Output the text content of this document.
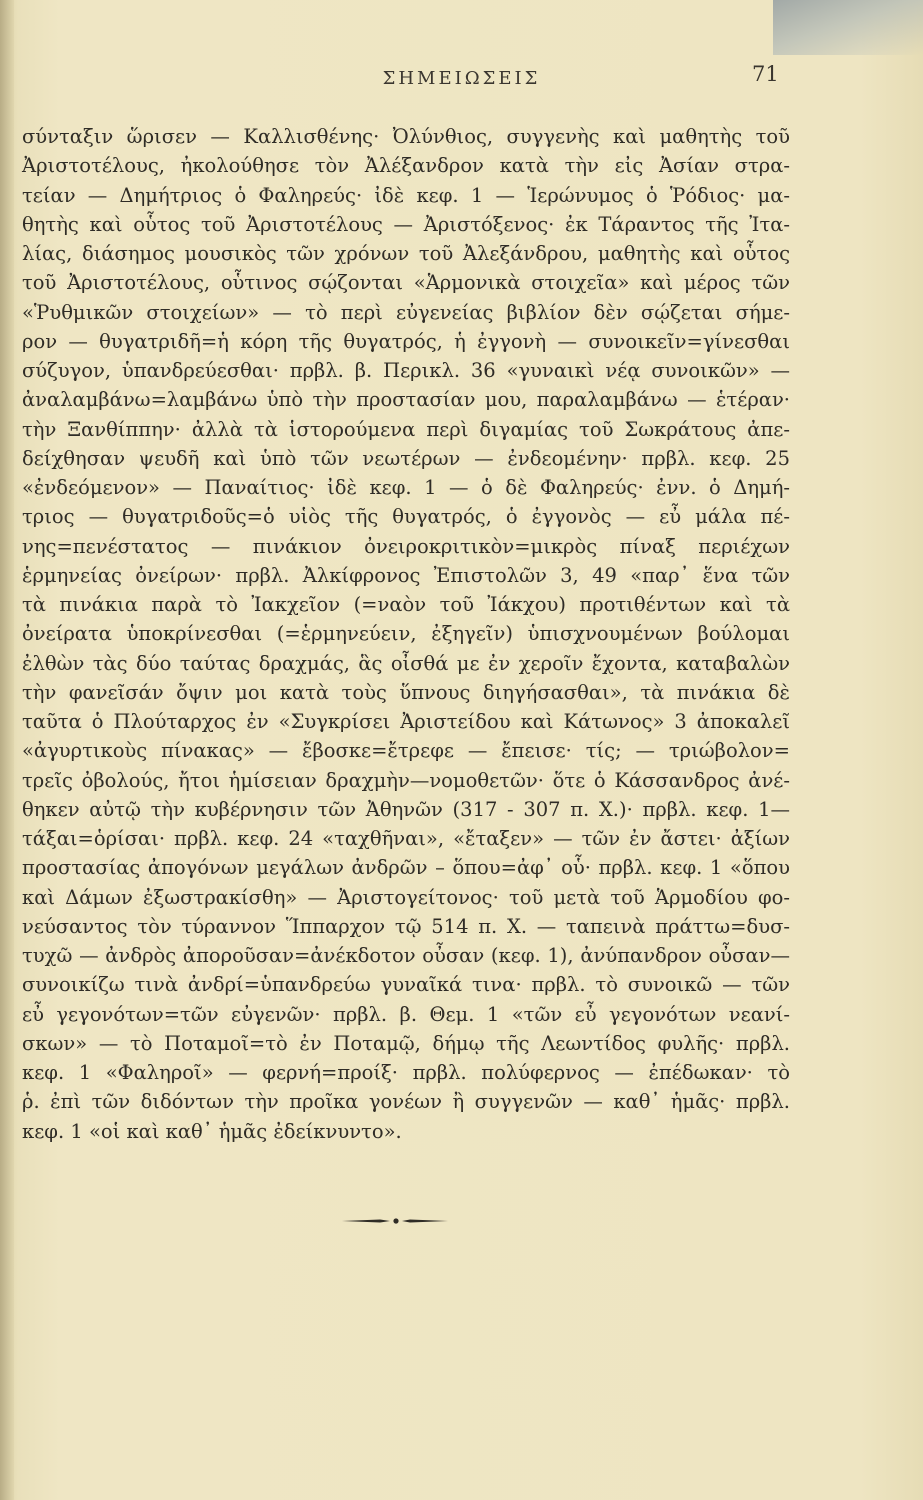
ΣΗΜΕΙΩΣΕΙΣ	71
σύνταξιν ὥρισεν — Καλλισθένης· Ὀλύνθιος, συγγενὴς καὶ μαθητὴς τοῦ
Ἀριστοτέλους, ἠκολούθησε τὸν Ἀλέξανδρον κατὰ τὴν εἰς Ἀσίαν στρα-
τείαν — Δημήτριος ὁ Φαληρεύς· ἰδὲ κεφ. 1 — Ἱερώνυμος ὁ Ῥόδιος· μα-
θητὴς καὶ οὗτος τοῦ Ἀριστοτέλους — Ἀριστόξενος· ἐκ Τάραντος τῆς Ἰτα-
λίας, διάσημος μουσικὸς τῶν χρόνων τοῦ Ἀλεξάνδρου, μαθητὴς καὶ οὗτος
τοῦ Ἀριστοτέλους, οὗτινος σῴζονται «Ἁρμονικὰ στοιχεῖα» καὶ μέρος τῶν
«Ῥυθμικῶν στοιχείων» — τὸ περὶ εὐγενείας βιβλίον δὲν σῴζεται σήμε-
ρον — θυγατριδῆ=ἡ κόρη τῆς θυγατρός, ἡ ἐγγονὴ — συνοικεῖν=γίνεσθαι
σύζυγον, ὑπανδρεύεσθαι· πρβλ. β. Περικλ. 36 «γυναικὶ νέᾳ συνοικῶν» —
ἀναλαμβάνω=λαμβάνω ὑπὸ τὴν προστασίαν μου, παραλαμβάνω — ἑτέραν·
τὴν Ξανθίππην· ἀλλὰ τὰ ἱστορούμενα περὶ διγαμίας τοῦ Σωκράτους ἀπε-
δείχθησαν ψευδῆ καὶ ὑπὸ τῶν νεωτέρων — ἐνδεομένην· πρβλ. κεφ. 25
«ἐνδεόμενον» — Παναίτιος· ἰδὲ κεφ. 1 — ὁ δὲ Φαληρεύς· ἐνν. ὁ Δημή-
τριος — θυγατριδοῦς=ὁ υἱὸς τῆς θυγατρός, ὁ ἐγγονὸς — εὖ μάλα πέ-
νης=πενέστατος — πινάκιον ὀνειροκριτικὸν=μικρὸς πίναξ περιέχων
ἑρμηνείας ὀνείρων· πρβλ. Ἀλκίφρονος Ἐπιστολῶν 3, 49 «παρ᾽ ἕνα τῶν
τὰ πινάκια παρὰ τὸ Ἰακχεῖον (=ναὸν τοῦ Ἰάκχου) προτιθέντων καὶ τὰ
ὀνείρατα ὑποκρίνεσθαι (=ἑρμηνεύειν, ἐξηγεῖν) ὑπισχνουμένων βούλομαι
ἐλθὼν τὰς δύο ταύτας δραχμάς, ἃς οἶσθά με ἐν χεροῖν ἔχοντα, καταβαλὼν
τὴν φανεῖσάν ὄψιν μοι κατὰ τοὺς ὕπνους διηγήσασθαι», τὰ πινάκια δὲ
ταῦτα ὁ Πλούταρχος ἐν «Συγκρίσει Ἀριστείδου καὶ Κάτωνος» 3 ἀποκαλεῖ
«ἀγυρτικοὺς πίνακας» — ἔβοσκε=ἔτρεφε — ἔπεισε· τίς; — τριώβολον=
τρεῖς ὀβολούς, ἤτοι ἡμίσειαν δραχμὴν—νομοθετῶν· ὅτε ὁ Κάσσανδρος ἀνέ-
θηκεν αὐτῷ τὴν κυβέρνησιν τῶν Ἀθηνῶν (317 - 307 π. Χ.)· πρβλ. κεφ. 1—
τάξαι=ὁρίσαι· πρβλ. κεφ. 24 «ταχθῆναι», «ἔταξεν» — τῶν ἐν ἄστει· ἀξίων
προστασίας ἀπογόνων μεγάλων ἀνδρῶν – ὅπου=ἀφ᾽ οὗ· πρβλ. κεφ. 1 «ὅπου
καὶ Δάμων ἐξωστρακίσθη» — Ἀριστογείτονος· τοῦ μετὰ τοῦ Ἁρμοδίου φο-
νεύσαντος τὸν τύραννον Ἵππαρχον τῷ 514 π. Χ. — ταπεινὰ πράττω=δυσ-
τυχῶ — ἀνδρὸς ἀποροῦσαν=ἀνέκδοτον οὖσαν (κεφ. 1), ἀνύπανδρον οὖσαν—
συνοικίζω τινὰ ἀνδρί=ὑπανδρεύω γυναῖκά τινα· πρβλ. τὸ συνοικῶ — τῶν
εὖ γεγονότων=τῶν εὐγενῶν· πρβλ. β. Θεμ. 1 «τῶν εὖ γεγονότων νεανί-
σκων» — τὸ Ποταμοῖ=τὸ ἐν Ποταμῷ, δήμῳ τῆς Λεωντίδος φυλῆς· πρβλ.
κεφ. 1 «Φαληροῖ» — φερνή=προίξ· πρβλ. πολύφερνος — ἐπέδωκαν· τὸ
ῥ. ἐπὶ τῶν διδόντων τὴν προῖκα γονέων ἢ συγγενῶν — καθ᾽ ἡμᾶς· πρβλ.
κεφ. 1 «οἱ καὶ καθ᾽ ἡμᾶς ἐδείκνυντο».
